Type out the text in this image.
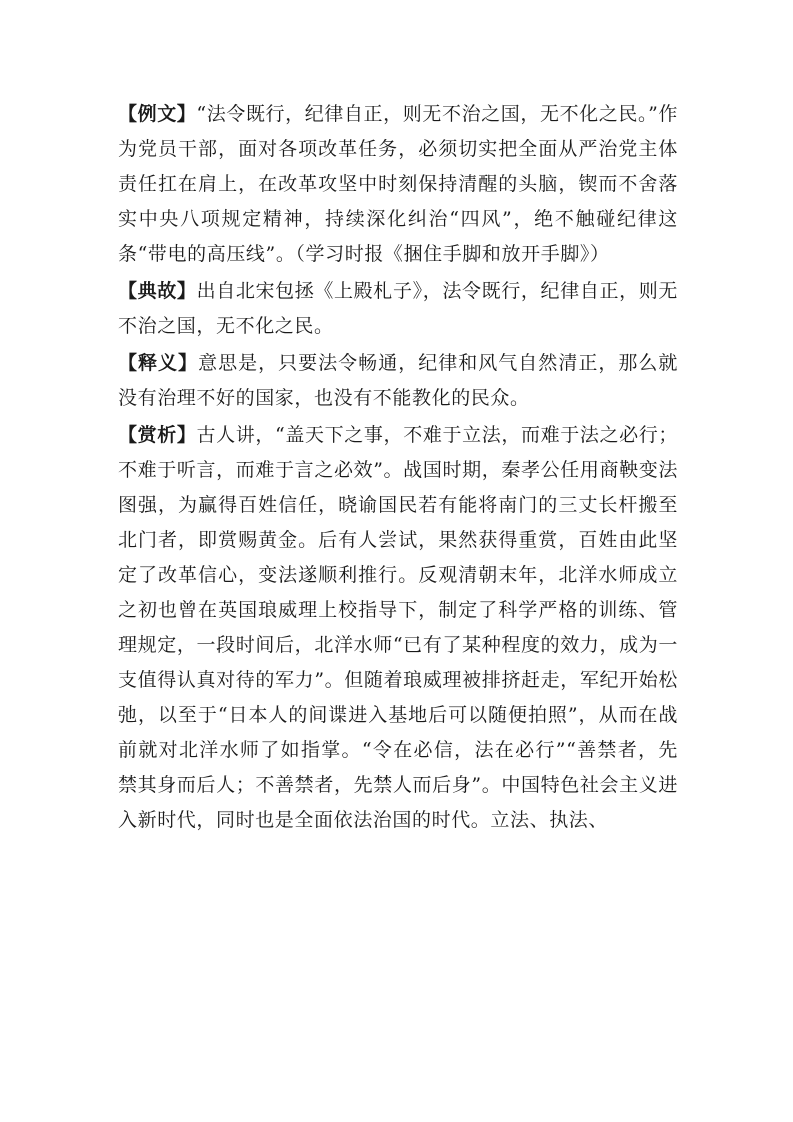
【例文】“法令既行，纪律自正，则无不治之国，无不化之民。”作为党员干部，面对各项改革任务，必须切实把全面从严治党主体责任扛在肩上，在改革攻坚中时刻保持清醒的头脑，锲而不舍落实中央八项规定精神，持续深化纠治“四风”，绝不触碰纪律这条“带电的高压线”。（学习时报《捆住手脚和放开手脚》）

【典故】出自北宋包拯《上殿札子》，法令既行，纪律自正，则无不治之国，无不化之民。

【释义】意思是，只要法令畅通，纪律和风气自然清正，那么就没有治理不好的国家，也没有不能教化的民众。

【赏析】古人讲，“盖天下之事，不难于立法，而难于法之必行；不难于听言，而难于言之必效”。战国时期，秦孝公任用商鞅变法图强，为赢得百姓信任，晓谕国民若有能将南门的三丈长杆搬至北门者，即赏赐黄金。后有人尝试，果然获得重赏，百姓由此坚定了改革信心，变法遂顺利推行。反观清朝末年，北洋水师成立之初也曾在英国琅威理上校指导下，制定了科学严格的训练、管理规定，一段时间后，北洋水师“已有了某种程度的效力，成为一支值得认真对待的军力”。但随着琅威理被排挤赶走，军纪开始松弛，以至于“日本人的间谍进入基地后可以随便拍照”，从而在战前就对北洋水师了如指掌。“令在必信，法在必行”“善禁者，先禁其身而后人；不善禁者，先禁人而后身”。中国特色社会主义进入新时代，同时也是全面依法治国的时代。立法、执法、
